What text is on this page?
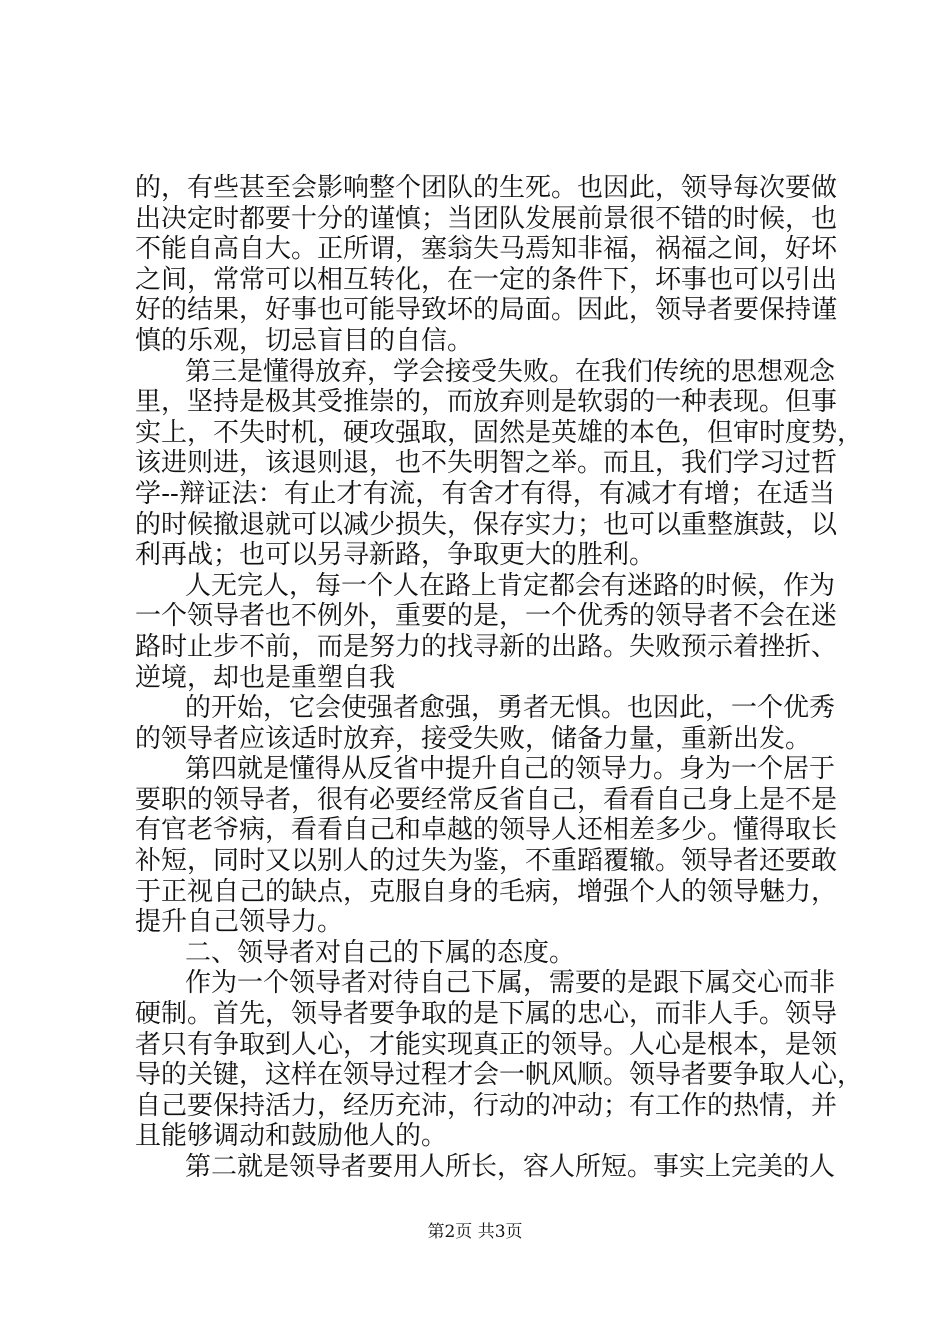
的，有些甚至会影响整个团队的生死。也因此，领导每次要做
出决定时都要十分的谨慎；当团队发展前景很不错的时候，也
不能自高自大。正所谓，塞翁失马焉知非福，祸福之间，好坏
之间，常常可以相互转化，在一定的条件下，坏事也可以引出
好的结果，好事也可能导致坏的局面。因此，领导者要保持谨
慎的乐观，切忌盲目的自信。
第三是懂得放弃，学会接受失败。在我们传统的思想观念
里，坚持是极其受推崇的，而放弃则是软弱的一种表现。但事
实上，不失时机，硬攻强取，固然是英雄的本色，但审时度势，
该进则进，该退则退，也不失明智之举。而且，我们学习过哲
学--辩证法：有止才有流，有舍才有得，有减才有增；在适当
的时候撤退就可以减少损失，保存实力；也可以重整旗鼓，以
利再战；也可以另寻新路，争取更大的胜利。
人无完人，每一个人在路上肯定都会有迷路的时候，作为
一个领导者也不例外，重要的是，一个优秀的领导者不会在迷
路时止步不前，而是努力的找寻新的出路。失败预示着挫折、
逆境，却也是重塑自我
的开始，它会使强者愈强，勇者无惧。也因此，一个优秀
的领导者应该适时放弃，接受失败，储备力量，重新出发。
第四就是懂得从反省中提升自己的领导力。身为一个居于
要职的领导者，很有必要经常反省自己，看看自己身上是不是
有官老爷病，看看自己和卓越的领导人还相差多少。懂得取长
补短，同时又以别人的过失为鉴，不重蹈覆辙。领导者还要敢
于正视自己的缺点，克服自身的毛病，增强个人的领导魅力，
提升自己领导力。
二、领导者对自己的下属的态度。
作为一个领导者对待自己下属，需要的是跟下属交心而非
硬制。首先，领导者要争取的是下属的忠心，而非人手。领导
者只有争取到人心，才能实现真正的领导。人心是根本，是领
导的关键，这样在领导过程才会一帆风顺。领导者要争取人心，
自己要保持活力，经历充沛，行动的冲动；有工作的热情，并
且能够调动和鼓励他人的。
第二就是领导者要用人所长，容人所短。事实上完美的人
第2页 共3页
